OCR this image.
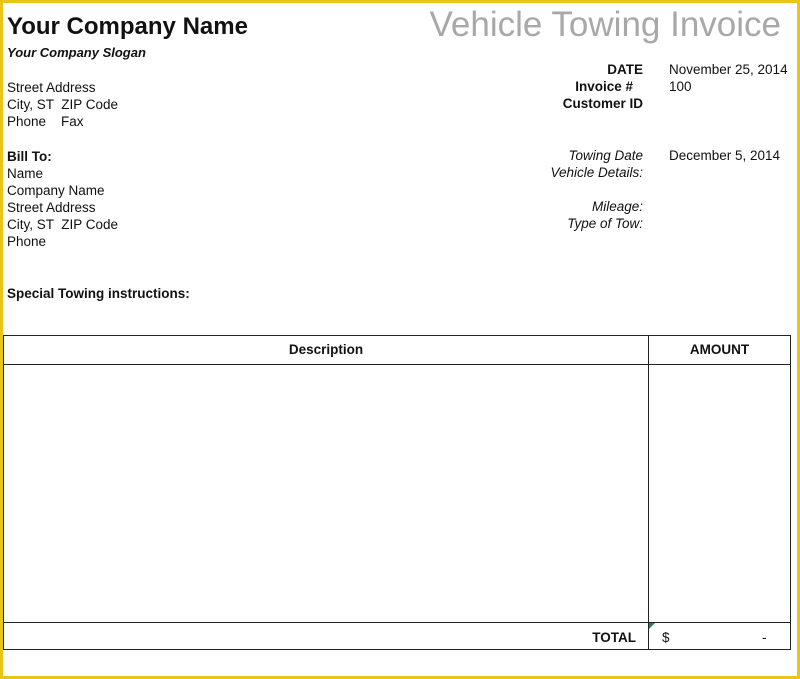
Your Company Name
Your Company Slogan
Vehicle Towing Invoice
Street Address
City, ST  ZIP Code
Phone    Fax
DATE November 25, 2014
Invoice #	100
Customer ID
Bill To:
Name
Company Name
Street Address
City, ST  ZIP Code
Phone
Towing Date December 5, 2014
Vehicle Details:
Mileage:
Type of Tow:
Special Towing instructions:
Description	AMOUNT
TOTAL $	-
